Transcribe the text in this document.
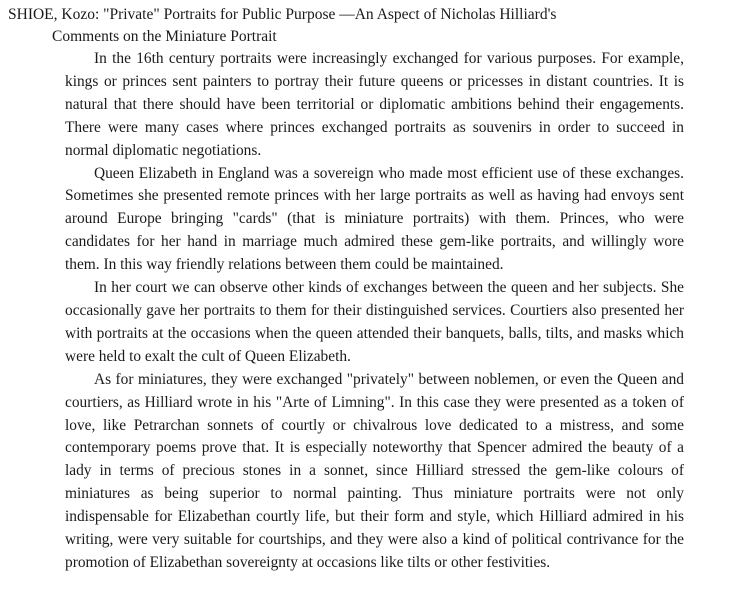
SHIOE, Kozo: "Private" Portraits for Public Purpose —An Aspect of Nicholas Hilliard's
Comments on the Miniature Portrait

In the 16th century portraits were increasingly exchanged for various purposes. For example, kings or princes sent painters to portray their future queens or pricesses in distant countries. It is natural that there should have been territorial or diplomatic ambitions behind their engagements. There were many cases where princes exchanged portraits as souvenirs in order to succeed in normal diplomatic negotiations.

Queen Elizabeth in England was a sovereign who made most efficient use of these exchanges. Sometimes she presented remote princes with her large portraits as well as having had envoys sent around Europe bringing "cards" (that is miniature portraits) with them. Princes, who were candidates for her hand in marriage much admired these gem-like portraits, and willingly wore them. In this way friendly relations between them could be maintained.

In her court we can observe other kinds of exchanges between the queen and her subjects. She occasionally gave her portraits to them for their distinguished services. Courtiers also presented her with portraits at the occasions when the queen attended their banquets, balls, tilts, and masks which were held to exalt the cult of Queen Elizabeth.

As for miniatures, they were exchanged "privately" between noblemen, or even the Queen and courtiers, as Hilliard wrote in his "Arte of Limning". In this case they were presented as a token of love, like Petrarchan sonnets of courtly or chivalrous love dedicated to a mistress, and some contemporary poems prove that. It is especially noteworthy that Spencer admired the beauty of a lady in terms of precious stones in a sonnet, since Hilliard stressed the gem-like colours of miniatures as being superior to normal painting. Thus miniature portraits were not only indispensable for Elizabethan courtly life, but their form and style, which Hilliard admired in his writing, were very suitable for courtships, and they were also a kind of political contrivance for the promotion of Elizabethan sovereignty at occasions like tilts or other festivities.
